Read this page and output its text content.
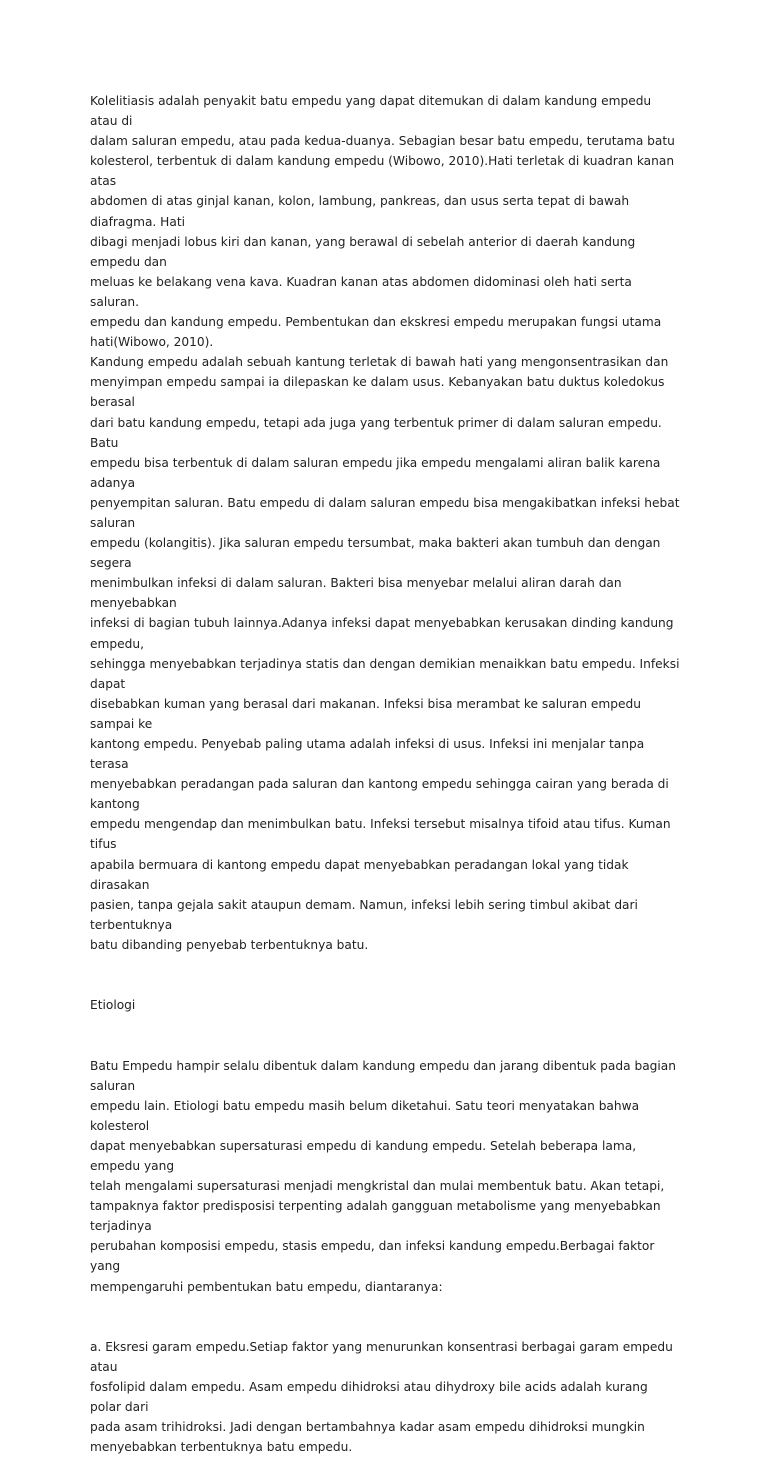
Kolelitiasis adalah penyakit batu empedu yang dapat ditemukan di dalam kandung empedu atau di
dalam saluran empedu, atau pada kedua-duanya. Sebagian besar batu empedu, terutama batu
kolesterol, terbentuk di dalam kandung empedu (Wibowo, 2010).Hati terletak di kuadran kanan atas
abdomen di atas ginjal kanan, kolon, lambung, pankreas, dan usus serta tepat di bawah diafragma. Hati
dibagi menjadi lobus kiri dan kanan, yang berawal di sebelah anterior di daerah kandung empedu dan
meluas ke belakang vena kava. Kuadran kanan atas abdomen didominasi oleh hati serta saluran.
empedu dan kandung empedu. Pembentukan dan ekskresi empedu merupakan fungsi utama
hati(Wibowo, 2010).

Kandung empedu adalah sebuah kantung terletak di bawah hati yang mengonsentrasikan dan
menyimpan empedu sampai ia dilepaskan ke dalam usus. Kebanyakan batu duktus koledokus berasal
dari batu kandung empedu, tetapi ada juga yang terbentuk primer di dalam saluran empedu. Batu
empedu bisa terbentuk di dalam saluran empedu jika empedu mengalami aliran balik karena adanya
penyempitan saluran. Batu empedu di dalam saluran empedu bisa mengakibatkan infeksi hebat saluran
empedu (kolangitis). Jika saluran empedu tersumbat, maka bakteri akan tumbuh dan dengan segera
menimbulkan infeksi di dalam saluran. Bakteri bisa menyebar melalui aliran darah dan menyebabkan
infeksi di bagian tubuh lainnya.Adanya infeksi dapat menyebabkan kerusakan dinding kandung empedu,
sehingga menyebabkan terjadinya statis dan dengan demikian menaikkan batu empedu. Infeksi dapat
disebabkan kuman yang berasal dari makanan. Infeksi bisa merambat ke saluran empedu sampai ke
kantong empedu. Penyebab paling utama adalah infeksi di usus. Infeksi ini menjalar tanpa terasa
menyebabkan peradangan pada saluran dan kantong empedu sehingga cairan yang berada di kantong
empedu mengendap dan menimbulkan batu. Infeksi tersebut misalnya tifoid atau tifus. Kuman tifus
apabila bermuara di kantong empedu dapat menyebabkan peradangan lokal yang tidak dirasakan
pasien, tanpa gejala sakit ataupun demam. Namun, infeksi lebih sering timbul akibat dari terbentuknya
batu dibanding penyebab terbentuknya batu.

Etiologi

Batu Empedu hampir selalu dibentuk dalam kandung empedu dan jarang dibentuk pada bagian saluran
empedu lain. Etiologi batu empedu masih belum diketahui. Satu teori menyatakan bahwa kolesterol
dapat menyebabkan supersaturasi empedu di kandung empedu. Setelah beberapa lama, empedu yang
telah mengalami supersaturasi menjadi mengkristal dan mulai membentuk batu. Akan tetapi,
tampaknya faktor predisposisi terpenting adalah gangguan metabolisme yang menyebabkan terjadinya
perubahan komposisi empedu, stasis empedu, dan infeksi kandung empedu.Berbagai faktor yang
mempengaruhi pembentukan batu empedu, diantaranya:

a. Eksresi garam empedu.Setiap faktor yang menurunkan konsentrasi berbagai garam empedu atau
fosfolipid dalam empedu. Asam empedu dihidroksi atau dihydroxy bile acids adalah kurang polar dari
pada asam trihidroksi. Jadi dengan bertambahnya kadar asam empedu dihidroksi mungkin
menyebabkan terbentuknya batu empedu.
